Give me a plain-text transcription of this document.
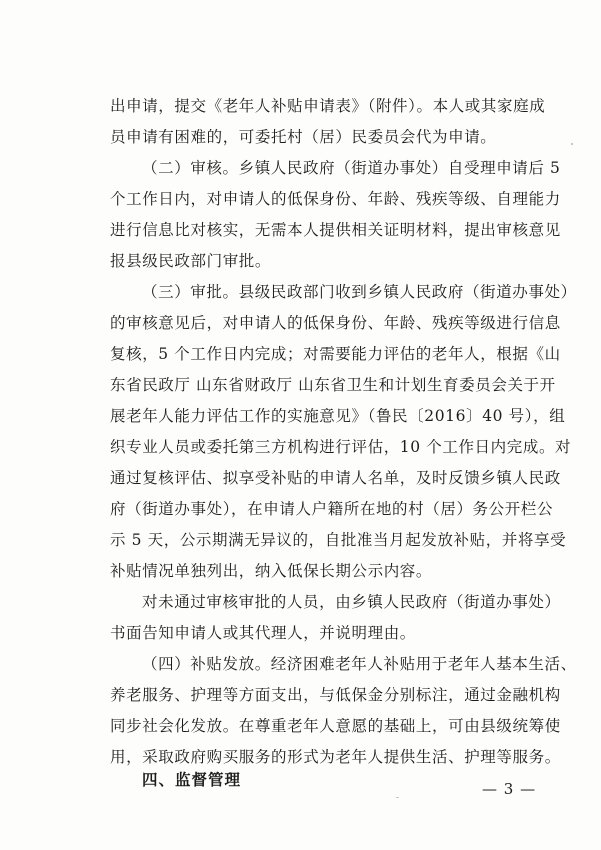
出申请，提交《老年人补贴申请表》（附件）。本人或其家庭成
员申请有困难的，可委托村（居）民委员会代为申请。
（二）审核。乡镇人民政府（街道办事处）自受理申请后 5
个工作日内，对申请人的低保身份、年龄、残疾等级、自理能力
进行信息比对核实，无需本人提供相关证明材料，提出审核意见
报县级民政部门审批。
（三）审批。县级民政部门收到乡镇人民政府（街道办事处）
的审核意见后，对申请人的低保身份、年龄、残疾等级进行信息
复核，5 个工作日内完成；对需要能力评估的老年人，根据《山
东省民政厅 山东省财政厅 山东省卫生和计划生育委员会关于开
展老年人能力评估工作的实施意见》（鲁民〔2016〕40 号），组
织专业人员或委托第三方机构进行评估，10 个工作日内完成。对
通过复核评估、拟享受补贴的申请人名单，及时反馈乡镇人民政
府（街道办事处），在申请人户籍所在地的村（居）务公开栏公
示 5 天，公示期满无异议的，自批准当月起发放补贴，并将享受
补贴情况单独列出，纳入低保长期公示内容。
对未通过审核审批的人员，由乡镇人民政府（街道办事处）
书面告知申请人或其代理人，并说明理由。
（四）补贴发放。经济困难老年人补贴用于老年人基本生活、
养老服务、护理等方面支出，与低保金分别标注，通过金融机构
同步社会化发放。在尊重老年人意愿的基础上，可由县级统筹使
用，采取政府购买服务的形式为老年人提供生活、护理等服务。
四、监督管理	— 3 —
